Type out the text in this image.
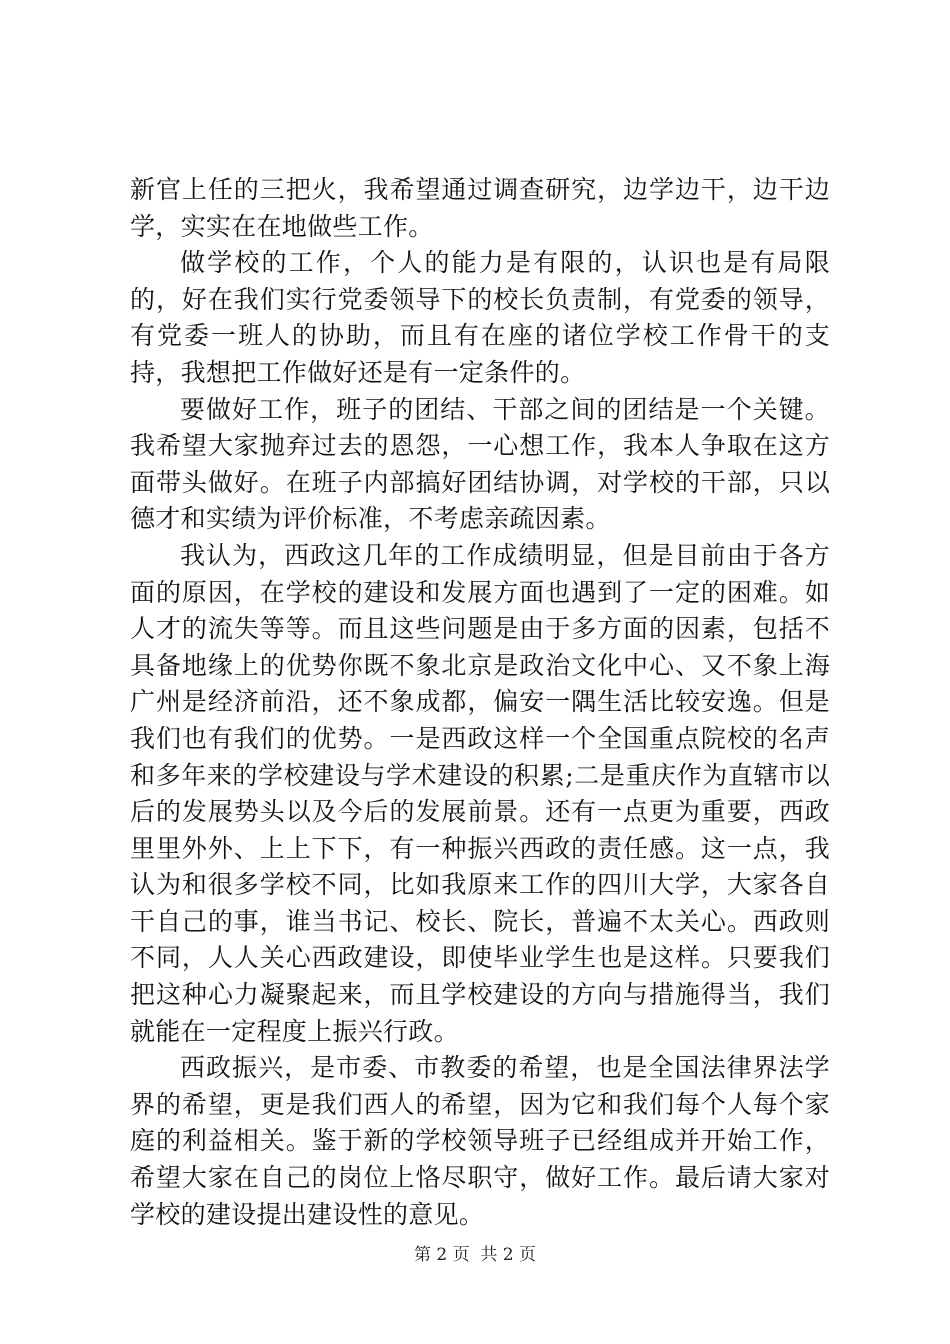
新官上任的三把火，我希望通过调查研究，边学边干，边干边学，实实在在地做些工作。

做学校的工作，个人的能力是有限的，认识也是有局限的，好在我们实行党委领导下的校长负责制，有党委的领导，有党委一班人的协助，而且有在座的诸位学校工作骨干的支持，我想把工作做好还是有一定条件的。

要做好工作，班子的团结、干部之间的团结是一个关键。我希望大家抛弃过去的恩怨，一心想工作，我本人争取在这方面带头做好。在班子内部搞好团结协调，对学校的干部，只以德才和实绩为评价标准，不考虑亲疏因素。

我认为，西政这几年的工作成绩明显，但是目前由于各方面的原因，在学校的建设和发展方面也遇到了一定的困难。如人才的流失等等。而且这些问题是由于多方面的因素，包括不具备地缘上的优势你既不象北京是政治文化中心、又不象上海广州是经济前沿，还不象成都，偏安一隅生活比较安逸。但是我们也有我们的优势。一是西政这样一个全国重点院校的名声和多年来的学校建设与学术建设的积累;二是重庆作为直辖市以后的发展势头以及今后的发展前景。还有一点更为重要，西政里里外外、上上下下，有一种振兴西政的责任感。这一点，我认为和很多学校不同，比如我原来工作的四川大学，大家各自干自己的事，谁当书记、校长、院长，普遍不太关心。西政则不同，人人关心西政建设，即使毕业学生也是这样。只要我们把这种心力凝聚起来，而且学校建设的方向与措施得当，我们就能在一定程度上振兴行政。

西政振兴，是市委、市教委的希望，也是全国法律界法学界的希望，更是我们西人的希望，因为它和我们每个人每个家庭的利益相关。鉴于新的学校领导班子已经组成并开始工作，希望大家在自己的岗位上恪尽职守，做好工作。最后请大家对学校的建设提出建设性的意见。

第 2 页  共 2 页
